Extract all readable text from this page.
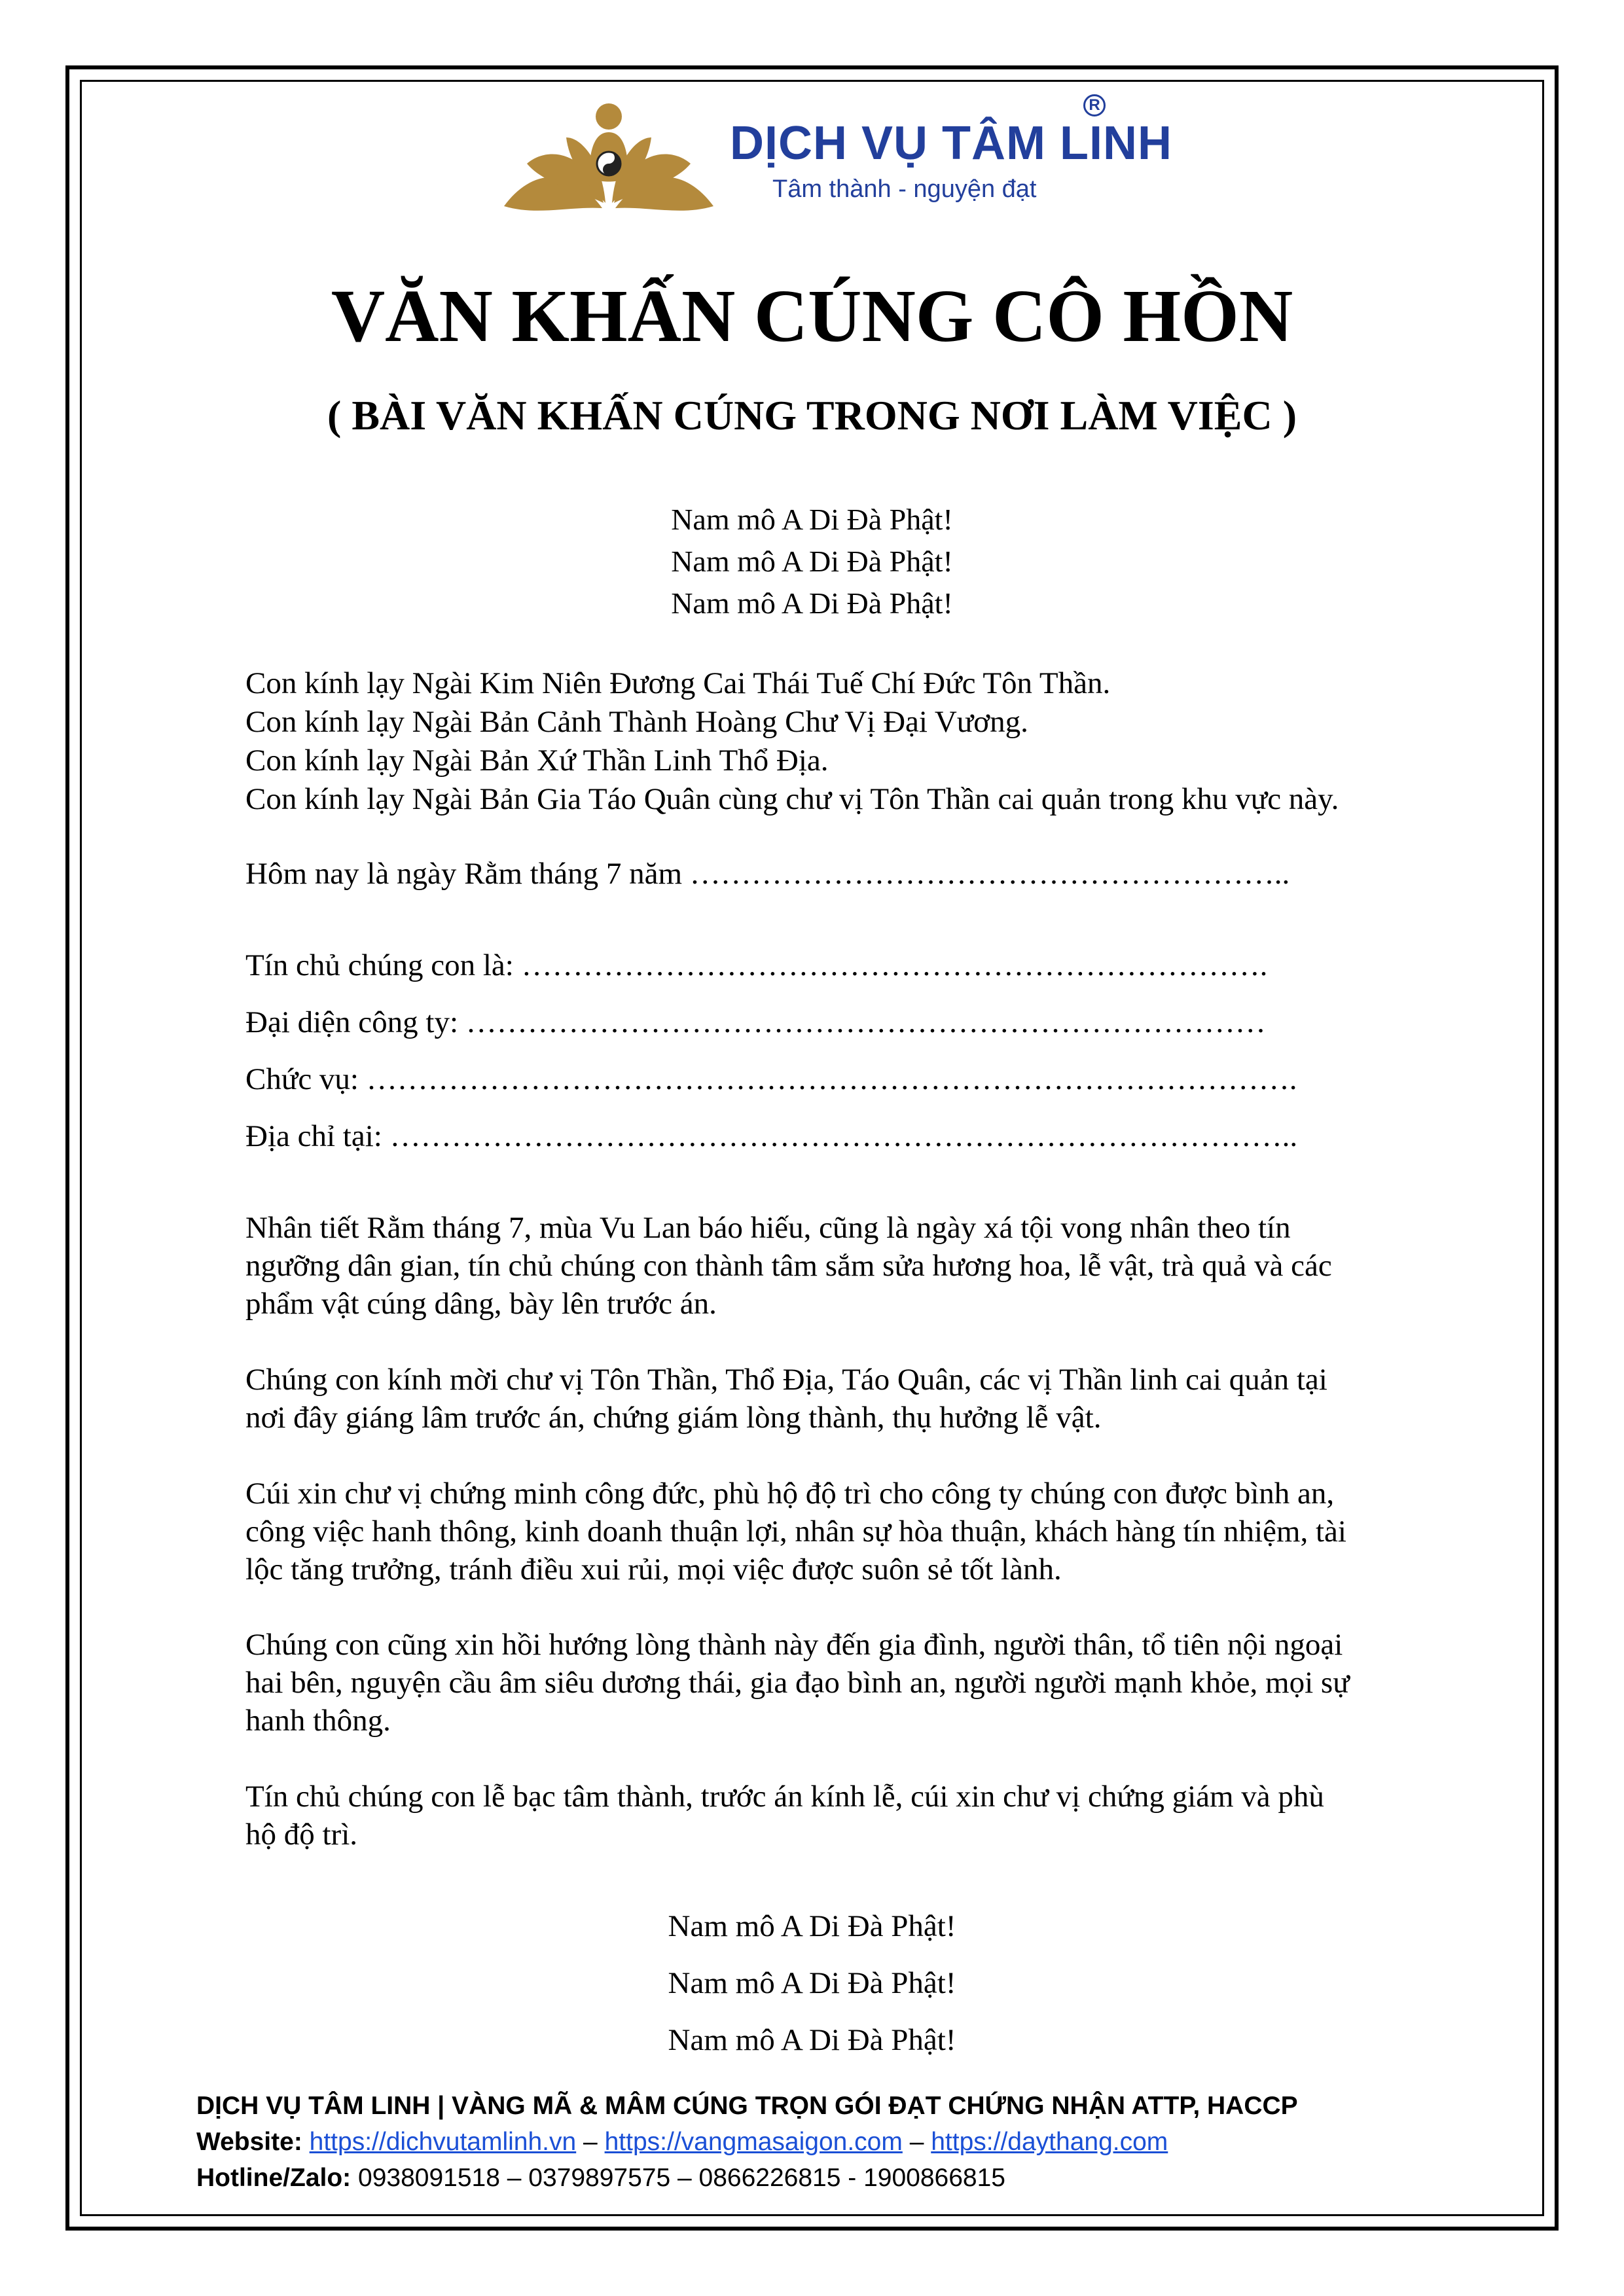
DỊCH VỤ TÂM LINH
R
Tâm thành - nguyện đạt
VĂN KHẤN CÚNG CÔ HỒN
( BÀI VĂN KHẤN CÚNG TRONG NƠI LÀM VIỆC )
Nam mô A Di Đà Phật!
Nam mô A Di Đà Phật!
Nam mô A Di Đà Phật!
Con kính lạy Ngài Kim Niên Đương Cai Thái Tuế Chí Đức Tôn Thần.
Con kính lạy Ngài Bản Cảnh Thành Hoàng Chư Vị Đại Vương.
Con kính lạy Ngài Bản Xứ Thần Linh Thổ Địa.
Con kính lạy Ngài Bản Gia Táo Quân cùng chư vị Tôn Thần cai quản trong khu vực này.
Hôm nay là ngày Rằm tháng 7 năm …………………………………………………..
Tín chủ chúng con là: ……………………………………………………………….
Đại diện công ty: ……………………………………………………………………
Chức vụ: ……………………………………………………………………………….
Địa chỉ tại: ……………………………………………………………………………..
Nhân tiết Rằm tháng 7, mùa Vu Lan báo hiếu, cũng là ngày xá tội vong nhân theo tín
ngưỡng dân gian, tín chủ chúng con thành tâm sắm sửa hương hoa, lễ vật, trà quả và các
phẩm vật cúng dâng, bày lên trước án.
Chúng con kính mời chư vị Tôn Thần, Thổ Địa, Táo Quân, các vị Thần linh cai quản tại
nơi đây giáng lâm trước án, chứng giám lòng thành, thụ hưởng lễ vật.
Cúi xin chư vị chứng minh công đức, phù hộ độ trì cho công ty chúng con được bình an,
công việc hanh thông, kinh doanh thuận lợi, nhân sự hòa thuận, khách hàng tín nhiệm, tài
lộc tăng trưởng, tránh điều xui rủi, mọi việc được suôn sẻ tốt lành.
Chúng con cũng xin hồi hướng lòng thành này đến gia đình, người thân, tổ tiên nội ngoại
hai bên, nguyện cầu âm siêu dương thái, gia đạo bình an, người người mạnh khỏe, mọi sự
hanh thông.
Tín chủ chúng con lễ bạc tâm thành, trước án kính lễ, cúi xin chư vị chứng giám và phù
hộ độ trì.
Nam mô A Di Đà Phật!
Nam mô A Di Đà Phật!
Nam mô A Di Đà Phật!
DỊCH VỤ TÂM LINH | VÀNG MÃ & MÂM CÚNG TRỌN GÓI ĐẠT CHỨNG NHẬN ATTP, HACCP
Website: https://dichvutamlinh.vn – https://vangmasaigon.com – https://daythang.com
Hotline/Zalo: 0938091518 – 0379897575 – 0866226815 - 1900866815
